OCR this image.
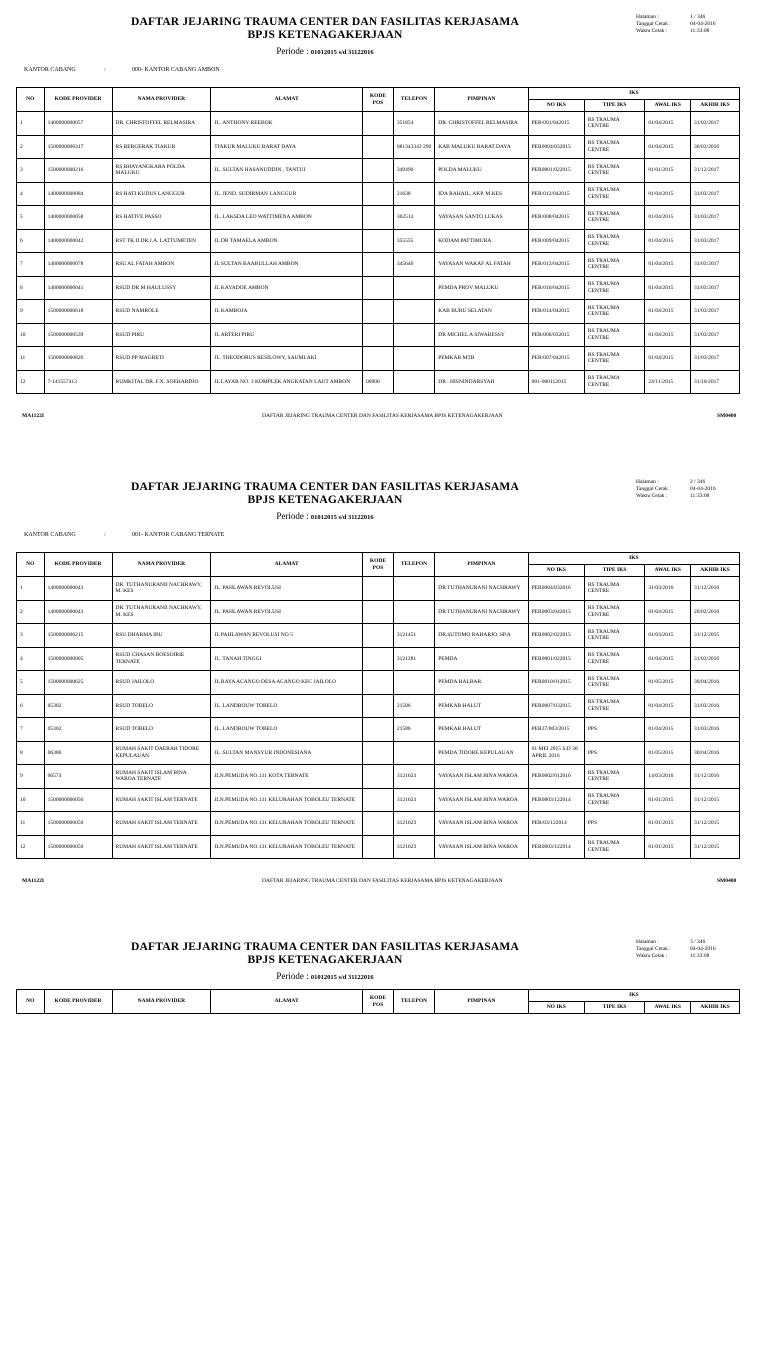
DAFTAR JEJARING TRAUMA CENTER DAN FASILITAS KERJASAMA
BPJS KETENAGAKERJAAN
Periode : 01012015 s/d 31122016
Halaman :	1 / 346
Tanggal Cetak :	04-04-2016
Waktu Cetak :	11:33:08
KANTOR CABANG	:	000- KANTOR CABANG AMBON
NO	KODE PROVIDER	NAMA PROVIDER	ALAMAT	KODE POS	TELEPON	PIMPINAN	IKS			
							NO IKS	TIPE IKS	AWAL IKS	AKHIR IKS
1	1400000000057	DR. CHRISTOFFEL RELMASIRA	JL. ANTHONY REEBOK		351854	DR. CHRISTOFFEL RELMASIRA	PER/001/042015	RS TRAUMA CENTRE	01/04/2015	31/03/2017
2	1500000000317	RS BERGERAK TIAKUR	TIAKUR MALUKU BARAT DAYA		081343343 290	KAB MALUKU BARAT DAYA	PER0004/032015	RS TRAUMA CENTRE	01/04/2015	30/03/2016
3	1500000000216	RS BHAYANGKARA POLDA MALUKU	JL. SULTAN HASANUDDIN , TANTUI		349490	POLDA MALUKU	PER0001/022015	RS TRAUMA CENTRE	01/01/2015	31/12/2017
4	1400000000084	RS HATI KUDUS LANGGUR	JL. JEND. SUDIRMAN LANGGUR		21638	IDA RAHAIL, AKP. M.KES	PER/012/042015	RS TRAUMA CENTRE	01/04/2015	31/03/2017
5	1400000000058	RS HATIVE PASSO	JL. LAKSDA LEO WATTIMENA AMBON		362512	YAYASAN SANTO LUKAS	PER/008/042015	RS TRAUMA CENTRE	01/04/2015	31/03/2017
6	1400000000042	RST TK.II DR.J.A. LATTUMETEN	JL DR TAMAELA AMBON		355555	KODAM PATTIMURA	PER/009/042015	RS TRAUMA CENTRE	01/04/2015	31/03/2017
7	1400000000078	RSU AL FATAH AMBON	JL SULTAN BAABULLAH AMBON		345646	YAYASAN WAKAF AL FATAH	PER/013/042015	RS TRAUMA CENTRE	01/04/2015	31/03/2017
8	1400000000041	RSUD DR M HAULUSSY	JL KAYADOE AMBON			PEMDA PROV MALUKU	PER/010/042015	RS TRAUMA CENTRE	01/04/2015	31/03/2017
9	1500000000618	RSUD NAMROLE	JL KAMBOJA			KAB BURU SELATAN	PER/014/042015	RS TRAUMA CENTRE	01/04/2015	31/03/2017
10	1500000000539	RSUD PIRU	JL ARTERI PIRU			DR MICHEL A SIWABESSY	PER/006/032015	RS TRAUMA CENTRE	01/04/2015	31/03/2017
11	1500000000820	RSUD PP MAGRETI	JL. THEODORUS RESILOWY, SAUMLAKI			PEMKAB MTB	PER/007/042015	RS TRAUMA CENTRE	01/04/2015	31/03/2017
12	7-141557413	RUMKITAL DR. F.X. SOEHARDJO	JL LAYAR NO. 3 KOMPLEK ANGKATAN LAUT AMBON	00000		DR . HISNINDARSYAH	001-000112015	RS TRAUMA CENTRE	24/11/2015	31/10/2017
MA1122I	DAFTAR JEJARING TRAUMA CENTER DAN FASILITAS KERJASAMA BPJS KETENAGAKERJAAN	SM0400
DAFTAR JEJARING TRAUMA CENTER DAN FASILITAS KERJASAMA
BPJS KETENAGAKERJAAN
Periode : 01012015 s/d 31122016
Halaman :	2 / 346
Tanggal Cetak :	04-04-2016
Waktu Cetak :	11:33:08
KANTOR CABANG	:	001- KANTOR CABANG TERNATE
NO	KODE PROVIDER	NAMA PROVIDER	ALAMAT	KODE POS	TELEPON	PIMPINAN	IKS			
							NO IKS	TIPE IKS	AWAL IKS	AKHIR IKS
1	1400000000043	DR. TUTHANURANII NACHRAWY, M. KES	JL. PAHLAWAN REVOLUSI			DR TUTHANURANI NACHRAWY	PER0004/032016	RS TRAUMA CENTRE	31/03/2016	31/12/2016
2	1400000000043	DR. TUTHANURANII NACHRAWY, M. KES	JL. PAHLAWAN REVOLUSI			DR TUTHANURANI NACHRAWY	PER0003/042015	RS TRAUMA CENTRE	01/04/2015	20/02/2016
3	1500000000215	RSU DHARMA IBU	JL PAHLAWAN REVOLUSI NO 5		3121451	DR.SUTOMO RAHARJO, SP.A	PER0002/022015	RS TRAUMA CENTRE	01/03/2015	31/12/2015
4	1500000000005	RSUD CHASAN BOESOIRIE TERNATE	JL. TANAH TINGGI		3121281	PEMDA	PER0001/022015	RS TRAUMA CENTRE	01/04/2015	31/03/2016
5	1500000000625	RSUD JAILOLO	JL RAYA ACANGO DESA ACANGO KEC JAILOLO			PEMDA HALBAR	PER0010/012015	RS TRAUMA CENTRE	01/05/2015	30/04/2016
6	05302	RSUD TOBELO	JL. LANDBOUW TOBELO		21586	PEMKAB HALUT	PER0007/032015	RS TRAUMA CENTRE	01/04/2015	31/03/2016
7	05302	RSUD TOBELO	JL. LANDBOUW TOBELO		21586	PEMKAB HALUT	PER37/003/2015	PPS	01/04/2015	31/03/2016
8	06386	RUMAH SAKIT DAERAH TIDORE KEPULAUAN	JL. SULTAN MANSYUR INDONESIANA			PEMDA TIDORE KEPULAUAN	01 MEI 2015 S.D 30 APRIL 2016	PPS	01/05/2015	30/04/2016
9	06574	RUMAH SAKIT ISLAM BINA WAROA TERNATE	JLN.PEMUDA NO.131 KOTA TERNATE		3121623	YAYASAN ISLAM BINA WAROA	PER0002/012016	RS TRAUMA CENTRE	14/03/2016	31/12/2016
10	1500000000050	RUMAH SAKIT ISLAM TERNATE	JLN.PEMUDA NO.131 KELURAHAN TOBOLEU TERNATE		3121623	YAYASAN ISLAM BINA WAROA	PER0003/122014	RS TRAUMA CENTRE	01/01/2015	31/12/2015
11	1500000000050	RUMAH SAKIT ISLAM TERNATE	JLN.PEMUDA NO.131 KELURAHAN TOBOLEU TERNATE		3121623	YAYASAN ISLAM BINA WAROA	PER/03/122014	PPS	01/01/2015	31/12/2015
12	1500000000050	RUMAH SAKIT ISLAM TERNATE	JLN.PEMUDA NO.131 KELURAHAN TOBOLEU TERNATE		3121623	YAYASAN ISLAM BINA WAROA	PER0003/122014	RS TRAUMA CENTRE	01/01/2015	31/12/2015
MA1122I	DAFTAR JEJARING TRAUMA CENTER DAN FASILITAS KERJASAMA BPJS KETENAGAKERJAAN	SM0400
DAFTAR JEJARING TRAUMA CENTER DAN FASILITAS KERJASAMA
BPJS KETENAGAKERJAAN
Periode : 01012015 s/d 31122016
Halaman :	3 / 346
Tanggal Cetak :	04-04-2016
Waktu Cetak :	11:33:08
NO	KODE PROVIDER	NAMA PROVIDER	ALAMAT	KODE POS	TELEPON	PIMPINAN	IKS			
							NO IKS	TIPE IKS	AWAL IKS	AKHIR IKS
